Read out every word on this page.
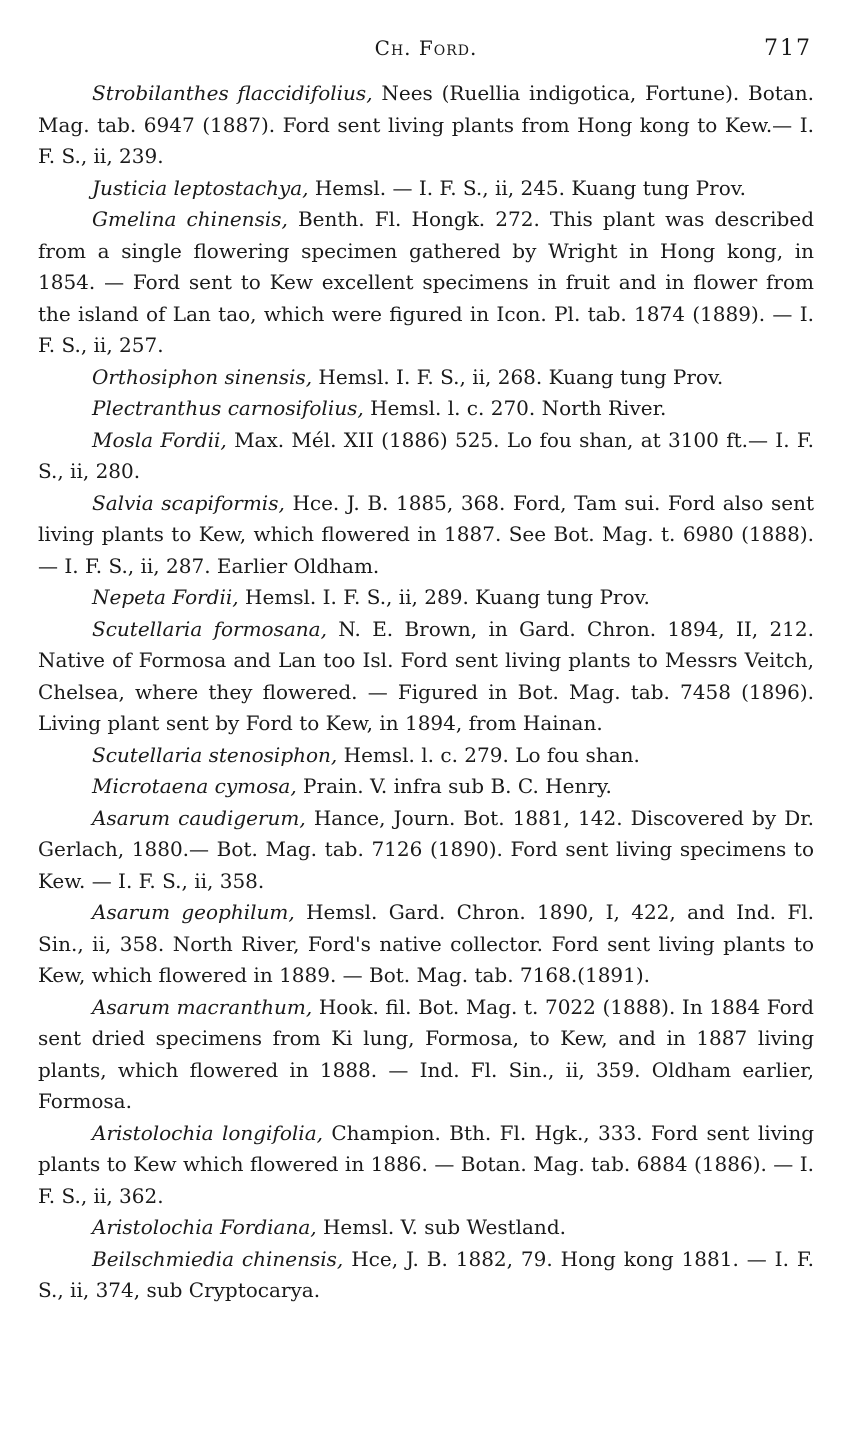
Ch. Ford.	717

Strobilanthes flaccidifolius, Nees (Ruellia indigotica, Fortune). Botan. Mag. tab. 6947 (1887). Ford sent living plants from Hong kong to Kew.— I. F. S., ii, 239.

Justicia leptostachya, Hemsl. — I. F. S., ii, 245. Kuang tung Prov.

Gmelina chinensis, Benth. Fl. Hongk. 272. This plant was described from a single flowering specimen gathered by Wright in Hong kong, in 1854. — Ford sent to Kew excellent specimens in fruit and in flower from the island of Lan tao, which were figured in Icon. Pl. tab. 1874 (1889). — I. F. S., ii, 257.

Orthosiphon sinensis, Hemsl. I. F. S., ii, 268. Kuang tung Prov.

Plectranthus carnosifolius, Hemsl. l. c. 270. North River.

Mosla Fordii, Max. Mél. XII (1886) 525. Lo fou shan, at 3100 ft.— I. F. S., ii, 280.

Salvia scapiformis, Hce. J. B. 1885, 368. Ford, Tam sui. Ford also sent living plants to Kew, which flowered in 1887. See Bot. Mag. t. 6980 (1888). — I. F. S., ii, 287. Earlier Oldham.

Nepeta Fordii, Hemsl. I. F. S., ii, 289. Kuang tung Prov.

Scutellaria formosana, N. E. Brown, in Gard. Chron. 1894, II, 212. Native of Formosa and Lan too Isl. Ford sent living plants to Messrs Veitch, Chelsea, where they flowered. — Figured in Bot. Mag. tab. 7458 (1896). Living plant sent by Ford to Kew, in 1894, from Hainan.

Scutellaria stenosiphon, Hemsl. l. c. 279. Lo fou shan.

Microtaena cymosa, Prain. V. infra sub B. C. Henry.

Asarum caudigerum, Hance, Journ. Bot. 1881, 142. Discovered by Dr. Gerlach, 1880.— Bot. Mag. tab. 7126 (1890). Ford sent living specimens to Kew. — I. F. S., ii, 358.

Asarum geophilum, Hemsl. Gard. Chron. 1890, I, 422, and Ind. Fl. Sin., ii, 358. North River, Ford's native collector. Ford sent living plants to Kew, which flowered in 1889. — Bot. Mag. tab. 7168.(1891).

Asarum macranthum, Hook. fil. Bot. Mag. t. 7022 (1888). In 1884 Ford sent dried specimens from Ki lung, Formosa, to Kew, and in 1887 living plants, which flowered in 1888. — Ind. Fl. Sin., ii, 359. Oldham earlier, Formosa.

Aristolochia longifolia, Champion. Bth. Fl. Hgk., 333. Ford sent living plants to Kew which flowered in 1886. — Botan. Mag. tab. 6884 (1886). — I. F. S., ii, 362.

Aristolochia Fordiana, Hemsl. V. sub Westland.

Beilschmiedia chinensis, Hce, J. B. 1882, 79. Hong kong 1881. — I. F. S., ii, 374, sub Cryptocarya.
